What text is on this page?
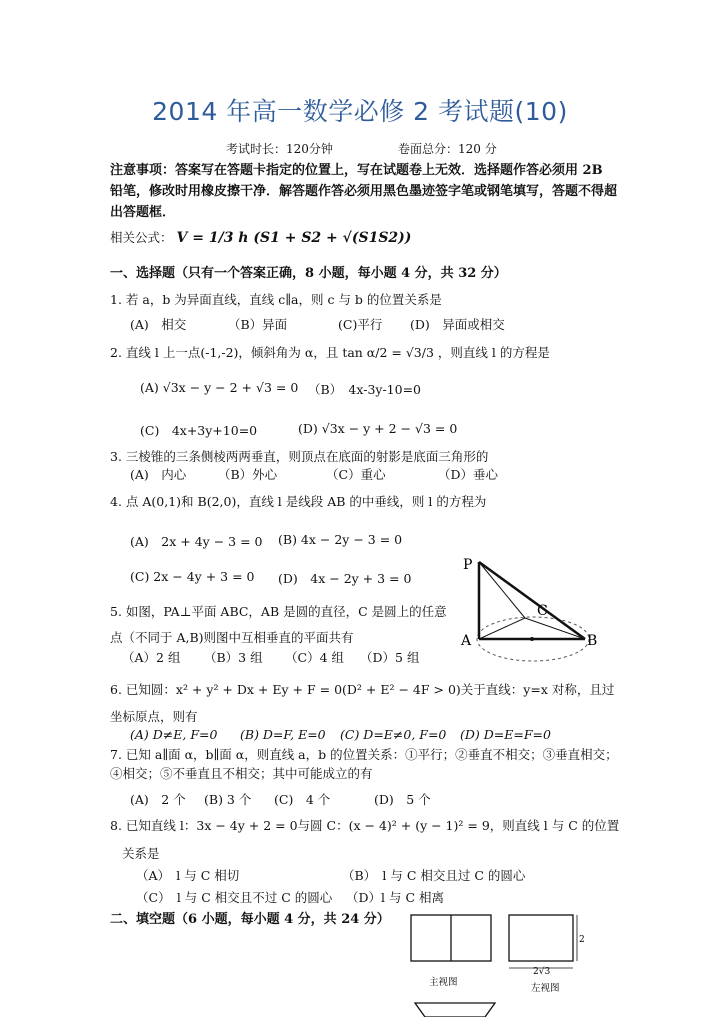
2014 年高一数学必修 2 考试题(10)
考试时长：120分钟	卷面总分：120 分
注意事项：答案写在答题卡指定的位置上，写在试题卷上无效．选择题作答必须用 2B 铅笔，修改时用橡皮擦干净．解答题作答必须用黑色墨迹签字笔或钢笔填写，答题不得超出答题框．
相关公式： V = 1/3 h (S1 + S2 + √(S1S2))
一、选择题（只有一个答案正确，8 小题，每小题 4 分，共 32 分）
1. 若 a，b 为异面直线，直线 c∥a，则 c 与 b 的位置关系是
(A)　相交	（B）异面	(C)平行 (D)　异面或相交
2. 直线 l 上一点(-1,-2)，倾斜角为 α，且 tan α/2 = √3/3 ，则直线 l 的方程是
(A) √3x − y − 2 + √3 = 0 （B）　4x-3y-10=0
(C)　4x+3y+10=0	(D) √3x − y + 2 − √3 = 0
3. 三棱锥的三条侧棱两两垂直，则顶点在底面的射影是底面三角形的
(A)　内心	（B）外心	（C）重心	（D）垂心
4. 点 A(0,1)和 B(2,0)，直线 l 是线段 AB 的中垂线，则 l 的方程为
(A)　2x + 4y − 3 = 0 (B) 4x − 2y − 3 = 0
(C) 2x − 4y + 3 = 0 (D)　4x − 2y + 3 = 0
P
A	B
C
5. 如图，PA⊥平面 ABC，AB 是圆的直径，C 是圆上的任意
点（不同于 A,B)则图中互相垂直的平面共有
（A）2 组 （B）3 组 （C）4 组 （D）5 组
6. 已知圆：x² + y² + Dx + Ey + F = 0(D² + E² − 4F > 0)关于直线：y=x 对称，且过
坐标原点，则有
(A) D≠E, F=0 (B) D=F, E=0 (C) D=E≠0, F=0 (D) D=E=F=0
7. 已知 a∥面 α，b∥面 α，则直线 a，b 的位置关系：①平行；②垂直不相交；③垂直相交；
④相交；⑤不垂直且不相交；其中可能成立的有
(A)　2 个 (B) 3 个 (C)　4 个	(D)　5 个
8. 已知直线 l：3x − 4y + 2 = 0与圆 C：(x − 4)² + (y − 1)² = 9，则直线 l 与 C 的位置
关系是
（A）　l 与 C 相切	（B）　l 与 C 相交且过 C 的圆心
（C）　l 与 C 相交且不过 C 的圆心 （D）l 与 C 相离
二、填空题（6 小题，每小题 4 分，共 24 分）
2
2√3
主视图
左视图
